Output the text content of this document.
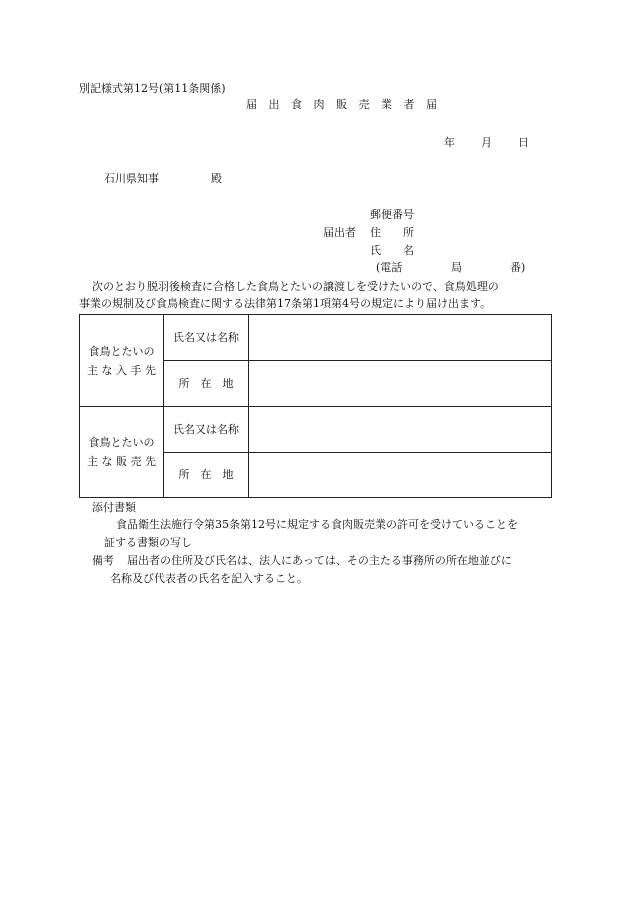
別記様式第12号(第11条関係)
届 出 食 肉 販 売 業 者 届
年 月 日
石川県知事	殿
郵便番号
届出者 住　　所
氏　　名
(電話	局	番)
次のとおり脱羽後検査に合格した食鳥とたいの譲渡しを受けたいので、食鳥処理の
事業の規制及び食鳥検査に関する法律第17条第1項第4号の規定により届け出ます。
食鳥とたいの
主 な 入 手 先	氏名又は名称	
	所　在　地	

食鳥とたいの
主 な 販 売 先	氏名又は名称	
	所　在　地	
添付書類
食品衛生法施行令第35条第12号に規定する食肉販売業の許可を受けていることを
証する書類の写し
備考 届出者の住所及び氏名は、法人にあっては、その主たる事務所の所在地並びに
名称及び代表者の氏名を記入すること。
